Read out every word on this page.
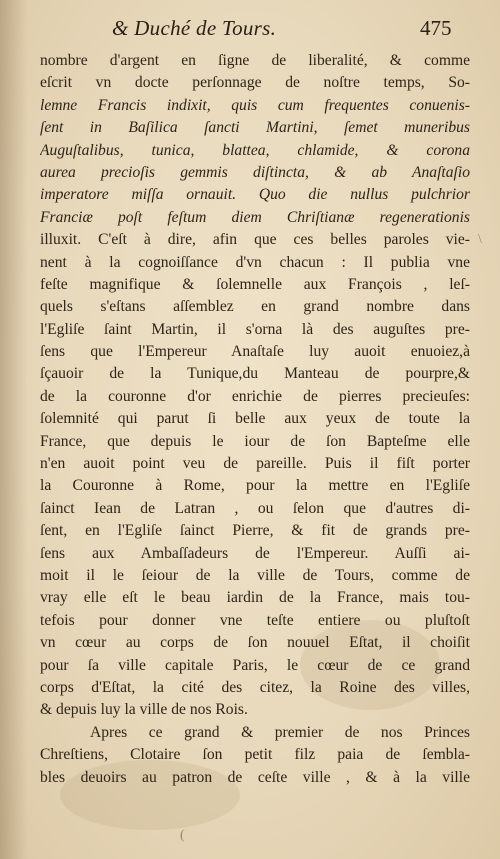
& Duché de Tours.	475
nombre d'argent en ſigne de liberalité, & comme
eſcrit vn docte perſonnage de noſtre temps, So-
lemne Francis indixit, quis cum frequentes conuenis-
ſent in Baſilica ſancti Martini, ſemet muneribus
Auguſtalibus, tunica, blattea, chlamide, & corona
aurea precioſis gemmis diſtincta, & ab Anaſtaſio
imperatore miſſa ornauit. Quo die nullus pulchrior
Franciæ poſt feſtum diem Chriſtianæ regenerationis
illuxit. C'eſt à dire, afin que ces belles paroles vie-
nent à la cognoiſſance d'vn chacun : Il publia vne
feſte magnifique & ſolemnelle aux François , leſ-
quels s'eſtans aſſemblez en grand nombre dans
l'Egliſe ſaint Martin, il s'orna là des auguſtes pre-
ſens que l'Empereur Anaſtaſe luy auoit enuoiez,à
ſçauoir de la Tunique,du Manteau de pourpre,&
de la couronne d'or enrichie de pierres precieuſes:
ſolemnité qui parut ſi belle aux yeux de toute la
France, que depuis le iour de ſon Bapteſme elle
n'en auoit point veu de pareille. Puis il fiſt porter
la Couronne à Rome, pour la mettre en l'Egliſe
ſainct Iean de Latran , ou ſelon que d'autres di-
ſent, en l'Egliſe ſainct Pierre, & fit de grands pre-
ſens aux Ambaſſadeurs de l'Empereur. Auſſi ai-
moit il le ſeiour de la ville de Tours, comme de
vray elle eſt le beau iardin de la France, mais tou-
tefois pour donner vne teſte entiere ou pluſtoſt
vn cœur au corps de ſon nouuel Eſtat, il choiſit
pour ſa ville capitale Paris, le cœur de ce grand
corps d'Eſtat, la cité des citez, la Roine des villes,
& depuis luy la ville de nos Rois.
Apres ce grand & premier de nos Princes
Chreſtiens, Clotaire ſon petit filz paia de ſembla-
bles deuoirs au patron de ceſte ville , & à la ville
\
(
